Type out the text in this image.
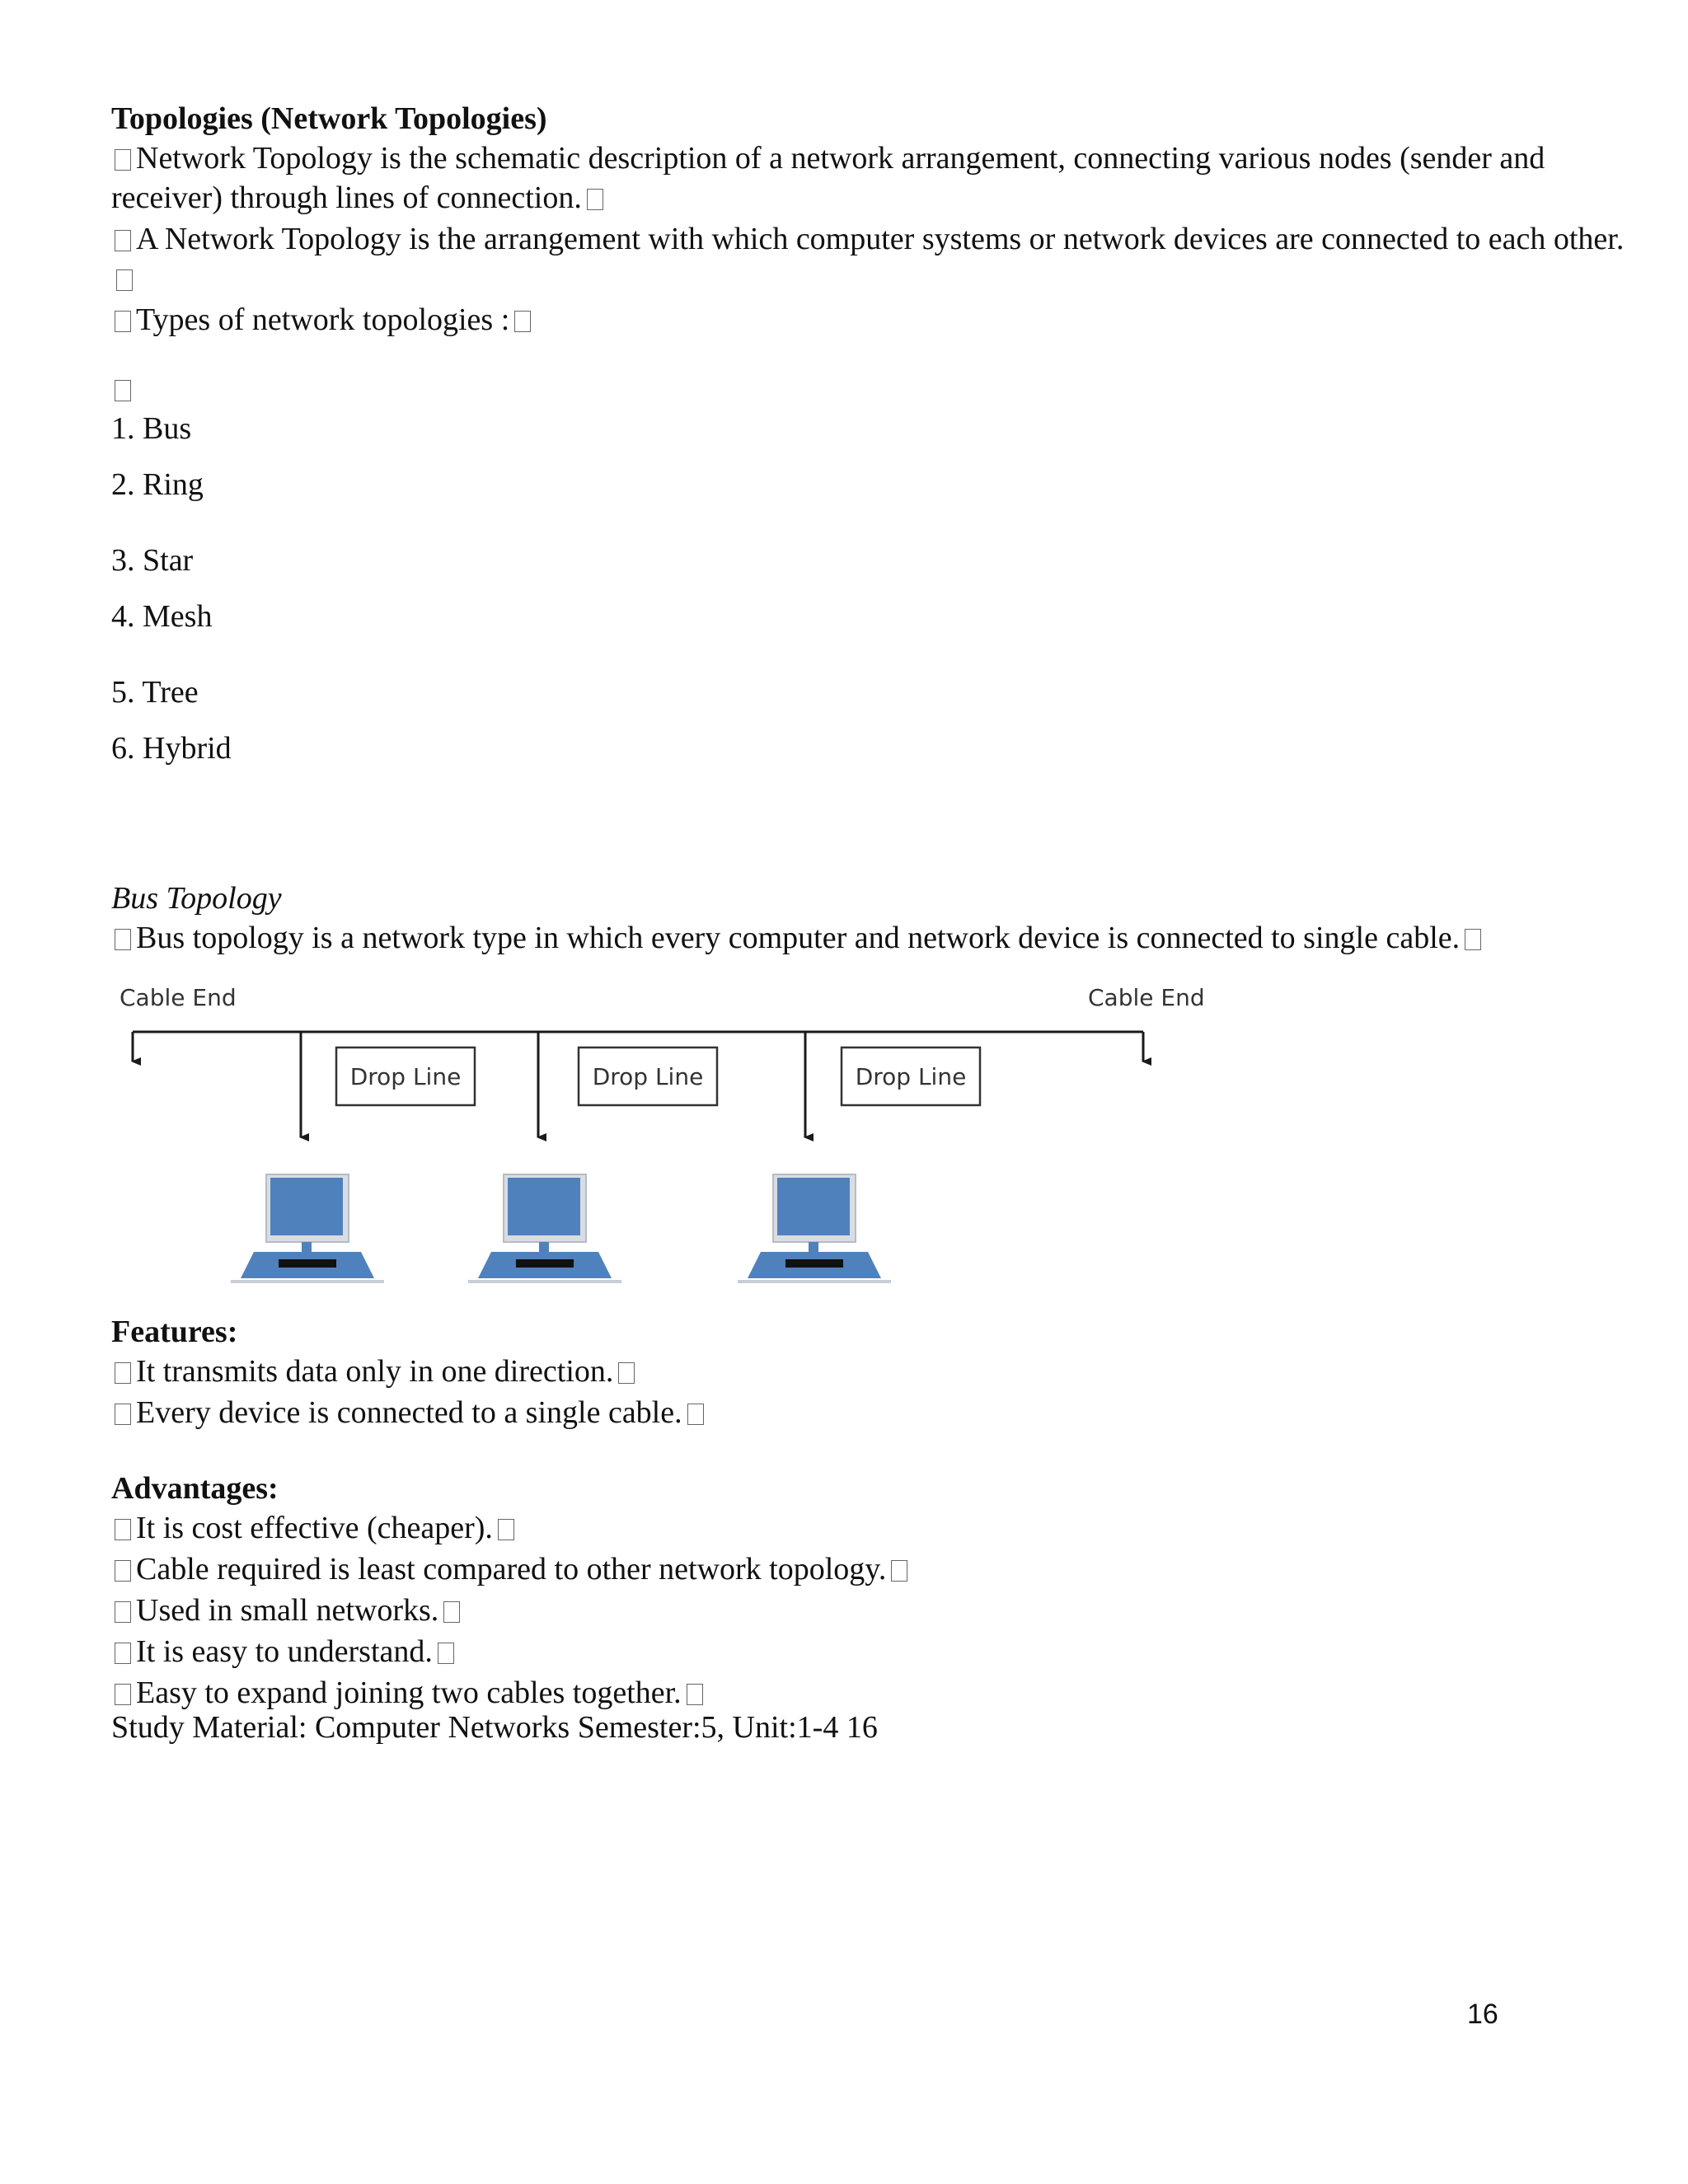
Topologies (Network Topologies)

Network Topology is the schematic description of a network arrangement, connecting various nodes (sender and receiver) through lines of connection.

A Network Topology is the arrangement with which computer systems or network devices are connected to each other.

Types of network topologies :

1. Bus

2. Ring

3. Star

4. Mesh

5. Tree

6. Hybrid

Bus Topology

Bus topology is a network type in which every computer and network device is connected to single cable.

Cable End	Cable End
Drop Line	Drop Line	Drop Line

Features:

It transmits data only in one direction.

Every device is connected to a single cable.

Advantages:

It is cost effective (cheaper).

Cable required is least compared to other network topology.

Used in small networks.

It is easy to understand.

Easy to expand joining two cables together.

Study Material: Computer Networks Semester:5, Unit:1-4 16

16
